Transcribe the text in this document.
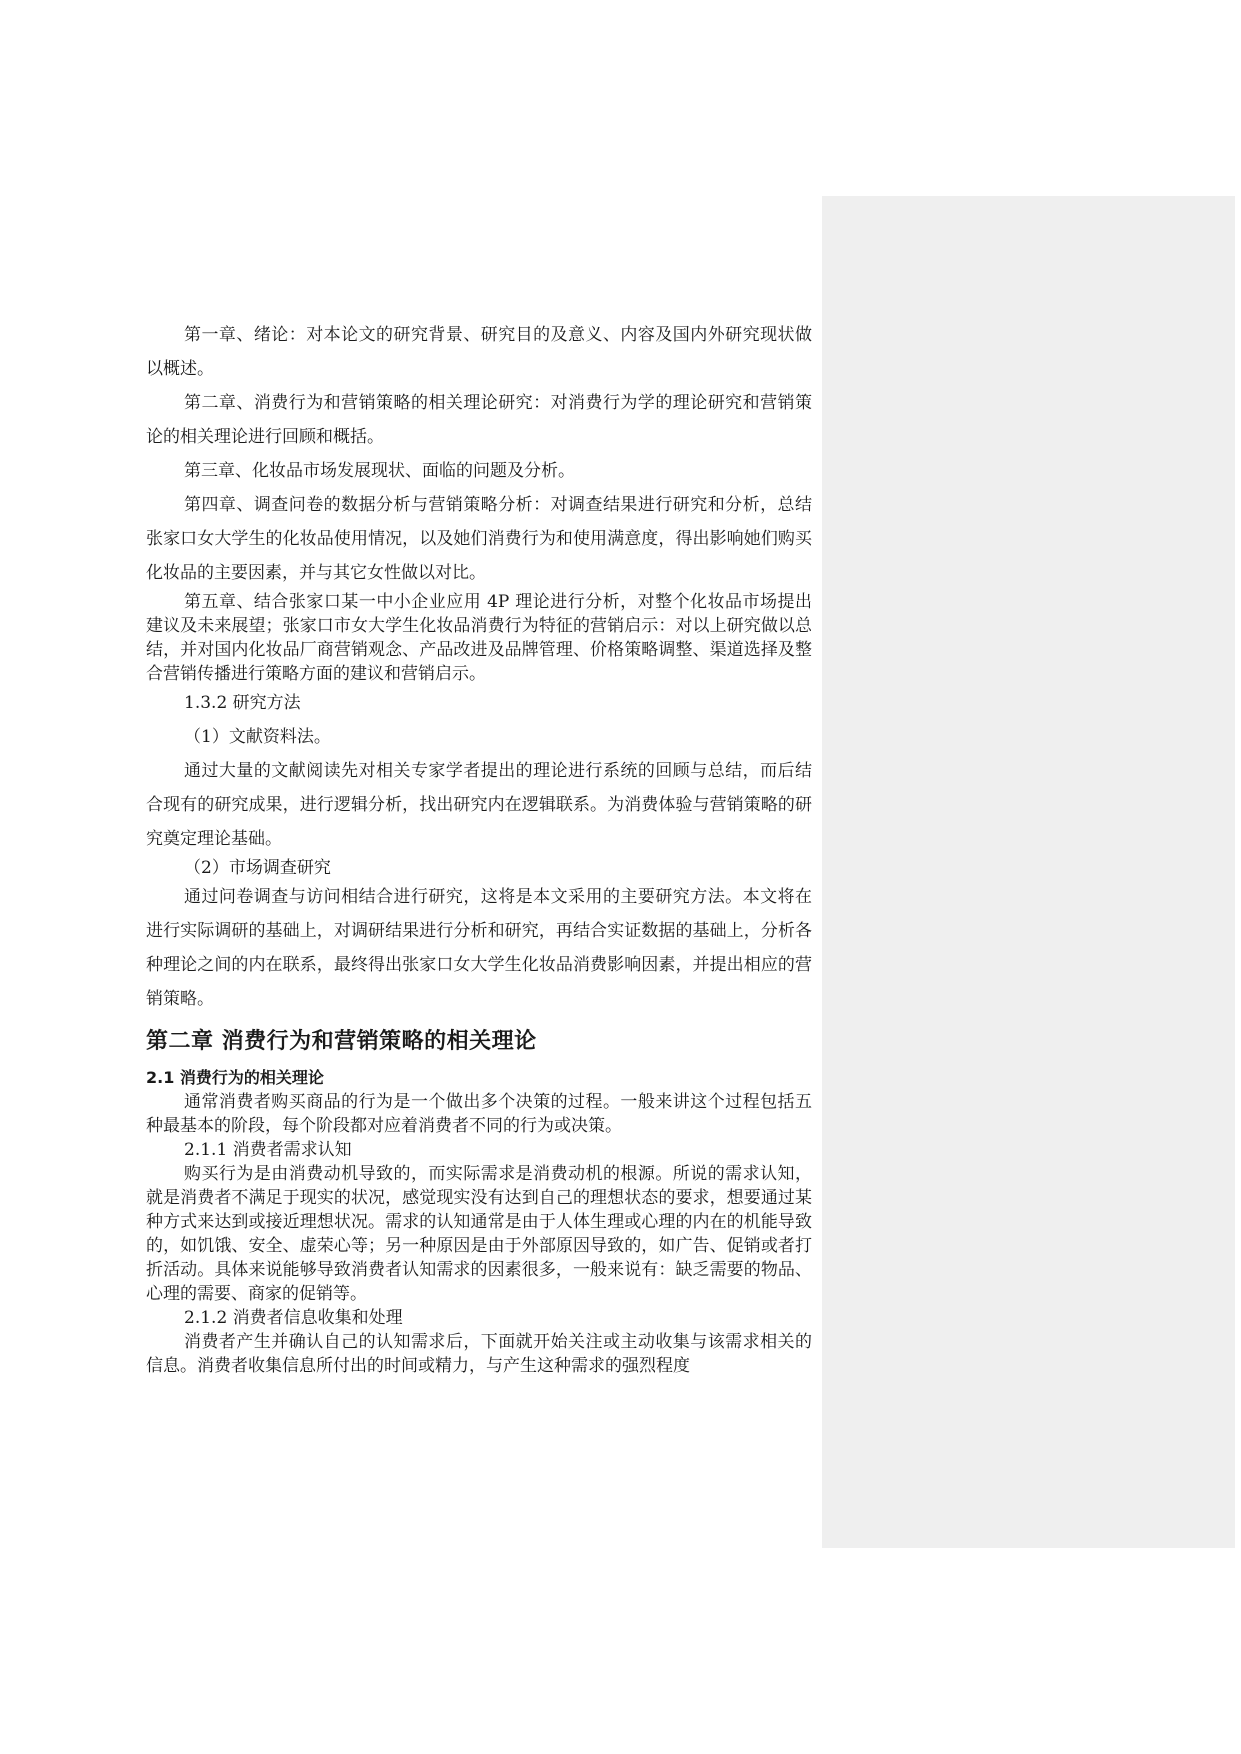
第一章、绪论：对本论文的研究背景、研究目的及意义、内容及国内外研究现状做以概述。

第二章、消费行为和营销策略的相关理论研究：对消费行为学的理论研究和营销策论的相关理论进行回顾和概括。

第三章、化妆品市场发展现状、面临的问题及分析。

第四章、调查问卷的数据分析与营销策略分析：对调查结果进行研究和分析，总结张家口女大学生的化妆品使用情况，以及她们消费行为和使用满意度，得出影响她们购买化妆品的主要因素，并与其它女性做以对比。

第五章、结合张家口某一中小企业应用 4P 理论进行分析，对整个化妆品市场提出建议及未来展望；张家口市女大学生化妆品消费行为特征的营销启示：对以上研究做以总结，并对国内化妆品厂商营销观念、产品改进及品牌管理、价格策略调整、渠道选择及整合营销传播进行策略方面的建议和营销启示。

1.3.2 研究方法

（1）文献资料法。

通过大量的文献阅读先对相关专家学者提出的理论进行系统的回顾与总结，而后结合现有的研究成果，进行逻辑分析，找出研究内在逻辑联系。为消费体验与营销策略的研究奠定理论基础。

（2）市场调查研究

通过问卷调查与访问相结合进行研究，这将是本文采用的主要研究方法。本文将在进行实际调研的基础上，对调研结果进行分析和研究，再结合实证数据的基础上，分析各种理论之间的内在联系，最终得出张家口女大学生化妆品消费影响因素，并提出相应的营销策略。

第二章 消费行为和营销策略的相关理论
2.1 消费行为的相关理论

通常消费者购买商品的行为是一个做出多个决策的过程。一般来讲这个过程包括五种最基本的阶段，每个阶段都对应着消费者不同的行为或决策。

2.1.1 消费者需求认知

购买行为是由消费动机导致的，而实际需求是消费动机的根源。所说的需求认知，就是消费者不满足于现实的状况，感觉现实没有达到自己的理想状态的要求，想要通过某种方式来达到或接近理想状况。需求的认知通常是由于人体生理或心理的内在的机能导致的，如饥饿、安全、虚荣心等；另一种原因是由于外部原因导致的，如广告、促销或者打折活动。具体来说能够导致消费者认知需求的因素很多，一般来说有：缺乏需要的物品、心理的需要、商家的促销等。

2.1.2 消费者信息收集和处理

消费者产生并确认自己的认知需求后，下面就开始关注或主动收集与该需求相关的信息。消费者收集信息所付出的时间或精力，与产生这种需求的强烈程度
